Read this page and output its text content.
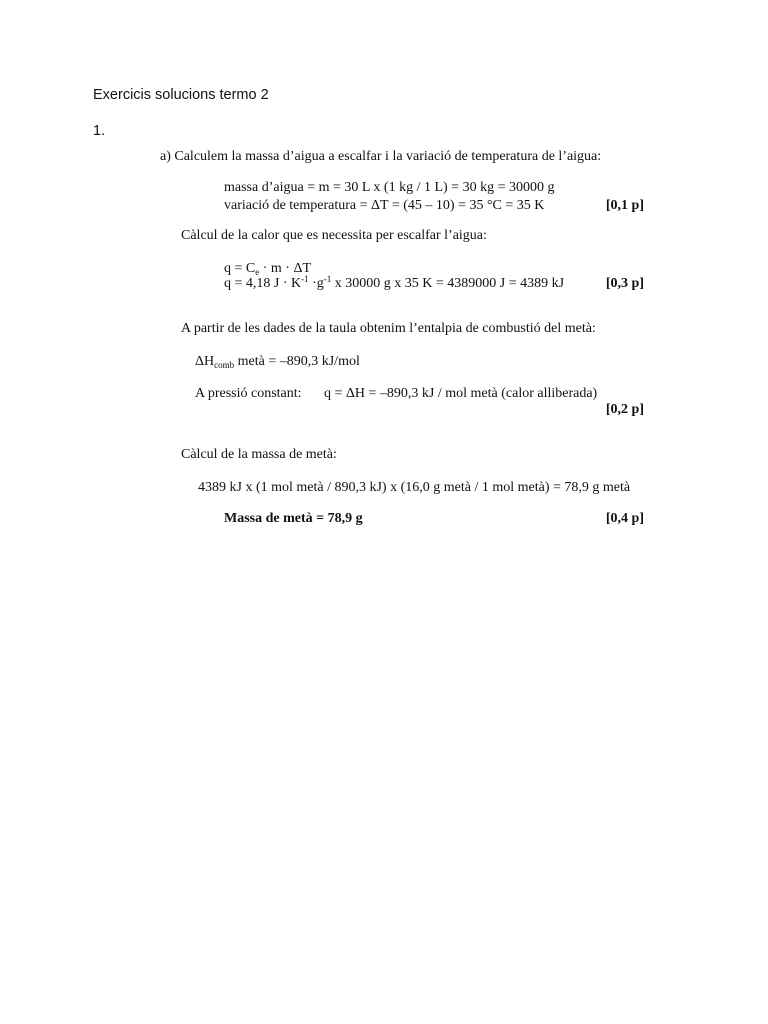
Exercicis solucions termo 2
1.
a) Calculem la massa d’aigua a escalfar i la variació de temperatura de l’aigua:
massa d’aigua = m = 30 L x (1 kg / 1 L) = 30 kg = 30000 g
variació de temperatura = ΔT = (45 – 10) = 35 °C = 35 K	[0,1 p]
Càlcul de la calor que es necessita per escalfar l’aigua:
$q = C_e \cdot m \cdot \Delta T$
q = 4,18 $J \cdot K^{-1} \cdot g^{-1}$ x 30000 g x 35 K = 4389000 J = 4389 kJ	[0,3 p]
A partir de les dades de la taula obtenim l’entalpia de combustió del metà:
$\Delta H_{comb}$ metà = –890,3 kJ/mol
A pressió constant: q = ΔH = –890,3 kJ / mol metà (calor alliberada)
[0,2 p]
Càlcul de la massa de metà:
4389 kJ x (1 mol metà / 890,3 kJ) x (16,0 g metà / 1 mol metà) = 78,9 g metà
Massa de metà = 78,9 g	[0,4 p]
